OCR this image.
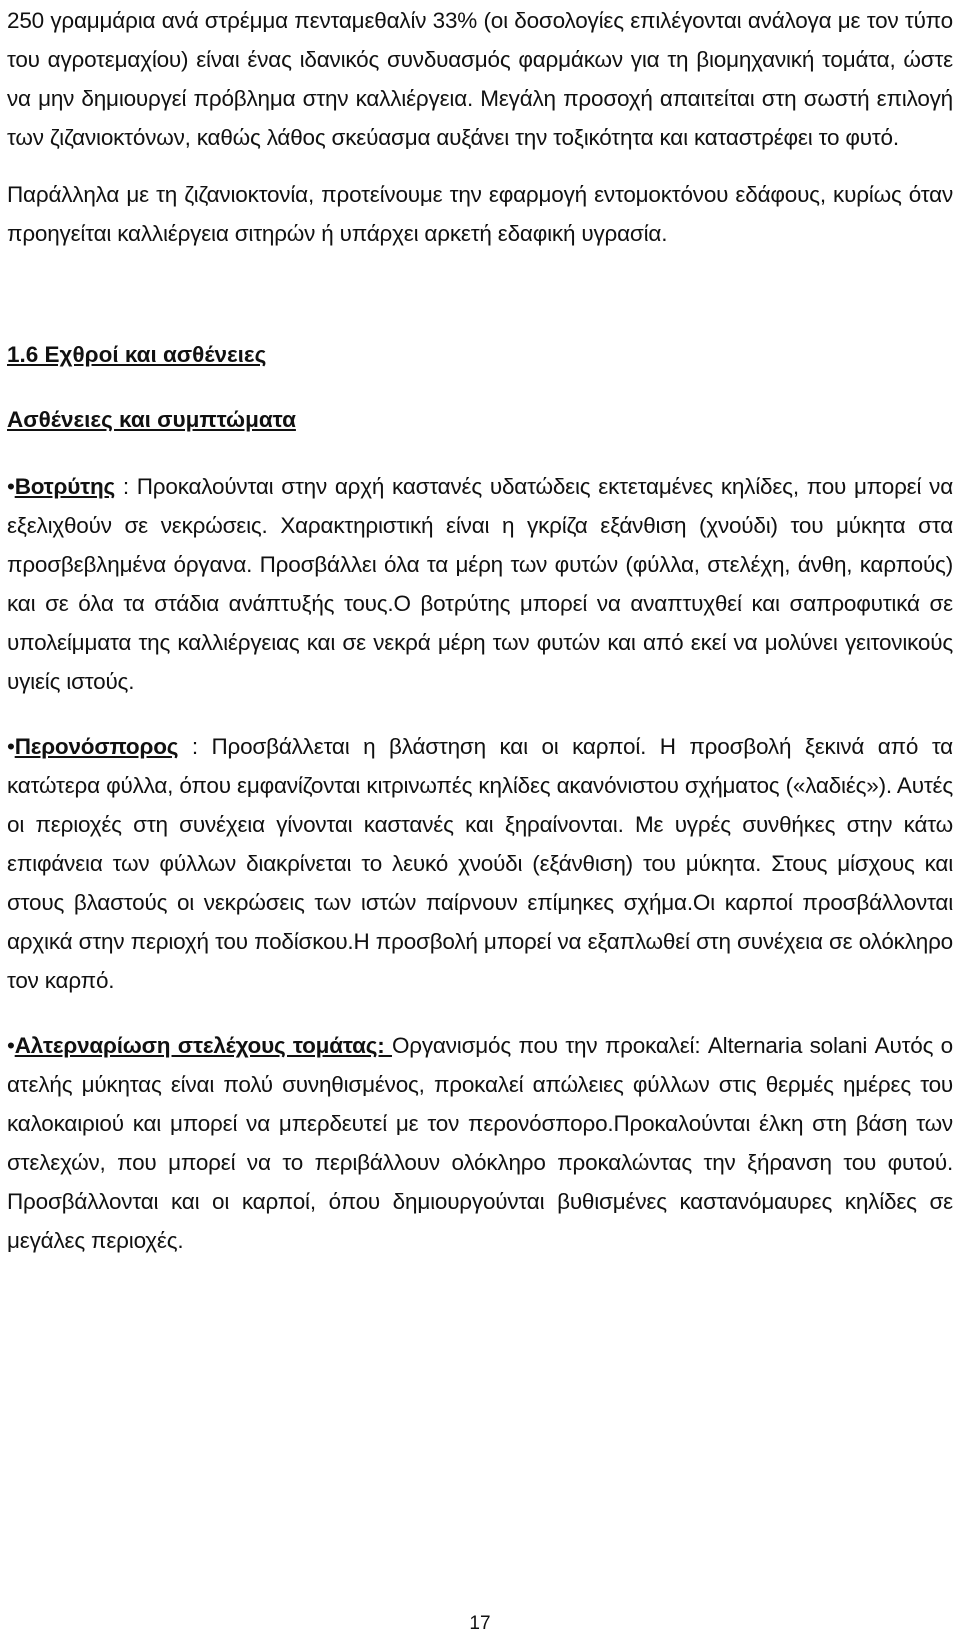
250 γραμμάρια ανά στρέμμα πενταμεθαλίν 33% (οι δοσολογίες επιλέγονται ανάλογα με τον τύπο του αγροτεμαχίου) είναι ένας ιδανικός συνδυασμός φαρμάκων για τη βιομηχανική τομάτα, ώστε να μην δημιουργεί πρόβλημα στην καλλιέργεια. Μεγάλη προσοχή απαιτείται στη σωστή επιλογή των ζιζανιοκτόνων, καθώς λάθος σκεύασμα αυξάνει την τοξικότητα και καταστρέφει το φυτό.

Παράλληλα με τη ζιζανιοκτονία, προτείνουμε την εφαρμογή εντομοκτόνου εδάφους, κυρίως όταν προηγείται καλλιέργεια σιτηρών ή υπάρχει αρκετή εδαφική υγρασία.

1.6 Εχθροί και ασθένειες
Ασθένειες και συμπτώματα

•Βοτρύτης : Προκαλούνται στην αρχή καστανές υδατώδεις εκτεταμένες κηλίδες, που μπορεί να εξελιχθούν σε νεκρώσεις. Χαρακτηριστική είναι η γκρίζα εξάνθιση (χνούδι) του μύκητα στα προσβεβλημένα όργανα. Προσβάλλει όλα τα μέρη των φυτών (φύλλα, στελέχη, άνθη, καρπούς) και σε όλα τα στάδια ανάπτυξής τους.Ο βοτρύτης μπορεί να αναπτυχθεί και σαπροφυτικά σε υπολείμματα της καλλιέργειας και σε νεκρά μέρη των φυτών και από εκεί να μολύνει γειτονικούς υγιείς ιστούς.

•Περονόσπορος : Προσβάλλεται η βλάστηση και οι καρποί. Η προσβολή ξεκινά από τα κατώτερα φύλλα, όπου εμφανίζονται κιτρινωπές κηλίδες ακανόνιστου σχήματος («λαδιές»). Αυτές οι περιοχές στη συνέχεια γίνονται καστανές και ξηραίνονται. Με υγρές συνθήκες στην κάτω επιφάνεια των φύλλων διακρίνεται το λευκό χνούδι (εξάνθιση) του μύκητα. Στους μίσχους και στους βλαστούς οι νεκρώσεις των ιστών παίρνουν επίμηκες σχήμα.Οι καρποί προσβάλλονται αρχικά στην περιοχή του ποδίσκου.Η προσβολή μπορεί να εξαπλωθεί στη συνέχεια σε ολόκληρο τον καρπό.

•Αλτερναρίωση στελέχους τομάτας: Οργανισμός που την προκαλεί: Alternaria solani Αυτός ο ατελής μύκητας είναι πολύ συνηθισμένος, προκαλεί απώλειες φύλλων στις θερμές ημέρες του καλοκαιριού και μπορεί να μπερδευτεί με τον περονόσπορο.Προκαλούνται έλκη στη βάση των στελεχών, που μπορεί να το περιβάλλουν ολόκληρο προκαλώντας την ξήρανση του φυτού. Προσβάλλονται και οι καρποί, όπου δημιουργούνται βυθισμένες καστανόμαυρες κηλίδες σε μεγάλες περιοχές.

17
